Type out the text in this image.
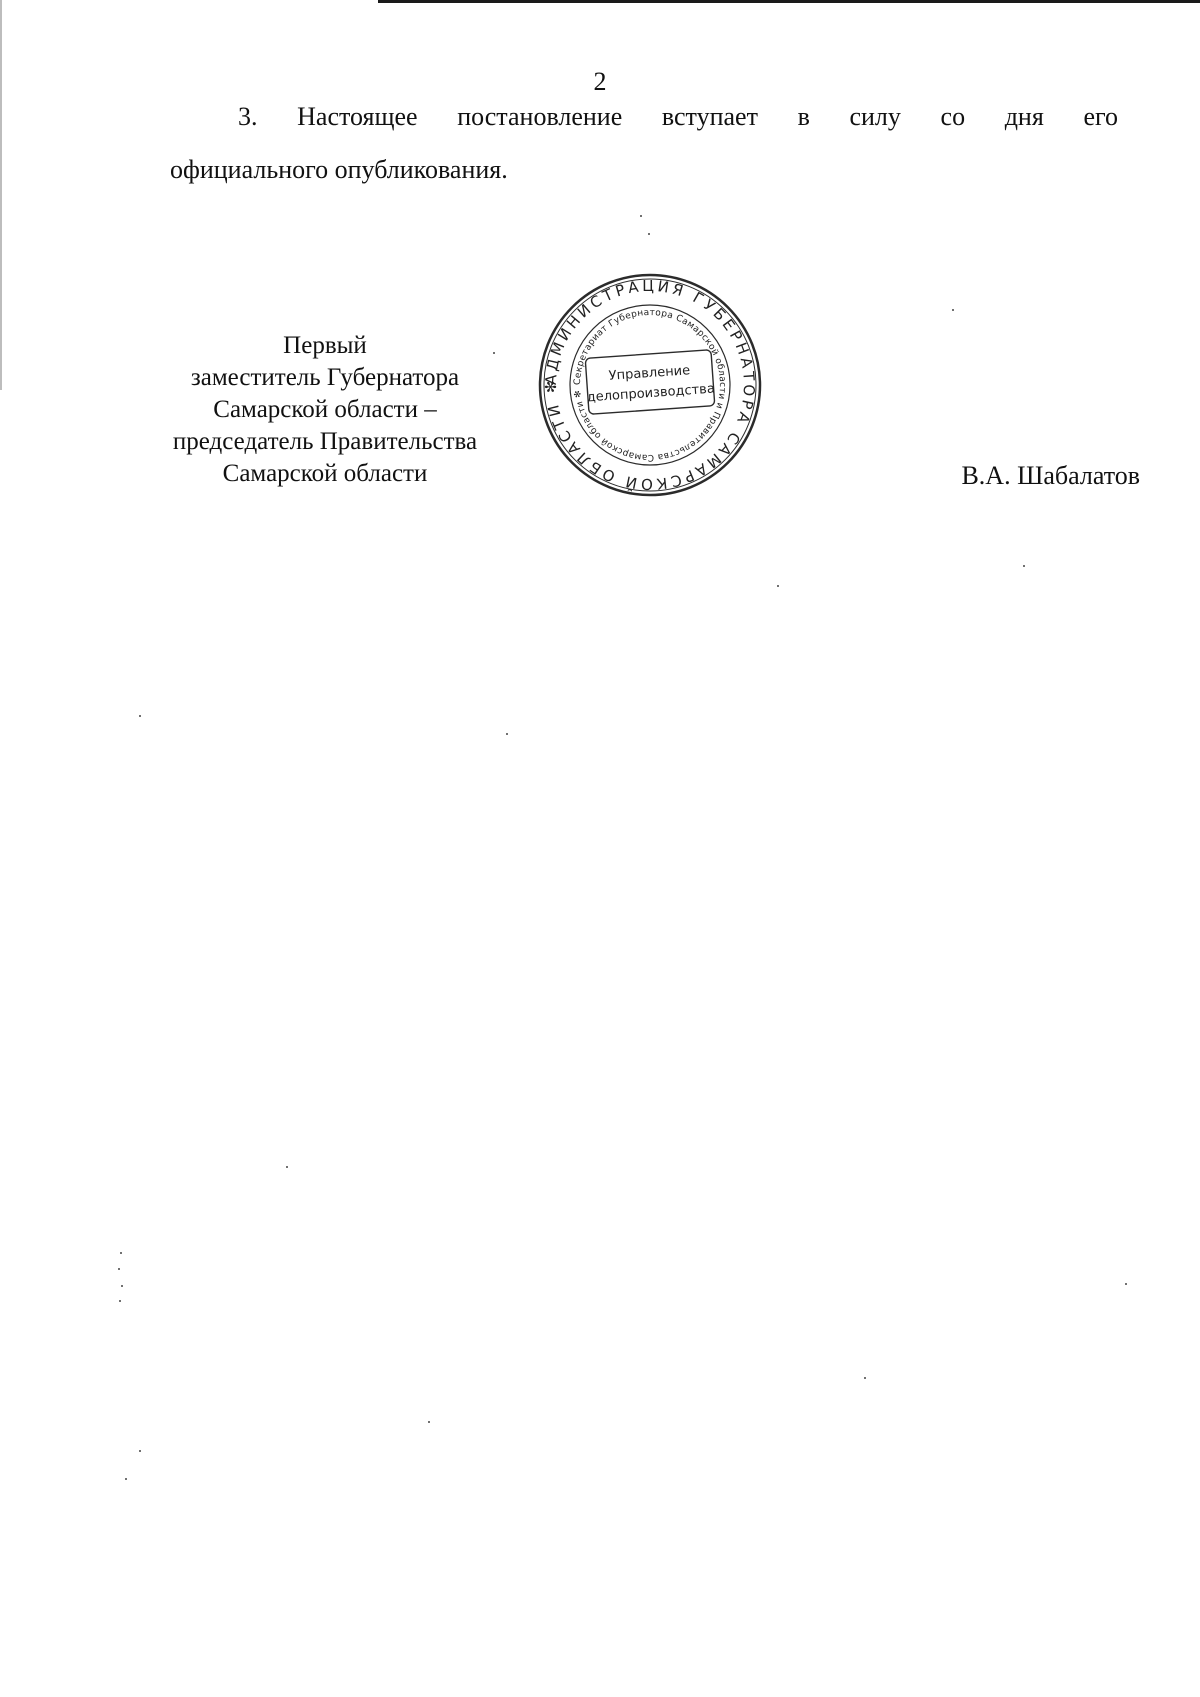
2
3. Настоящее постановление вступает в силу со дня его
официального опубликования.
Первый
заместитель Губернатора
Самарской области –
председатель Правительства
Самарской области
АДМИНИСТРАЦИЯ ГУБЕРНАТОРА САМАРСКОЙ ОБЛАСТИ ✻	Секретариат Губернатора Самарской области и Правительства Самарской области ✻
Управление
делопроизводства
В.А. Шабалатов
